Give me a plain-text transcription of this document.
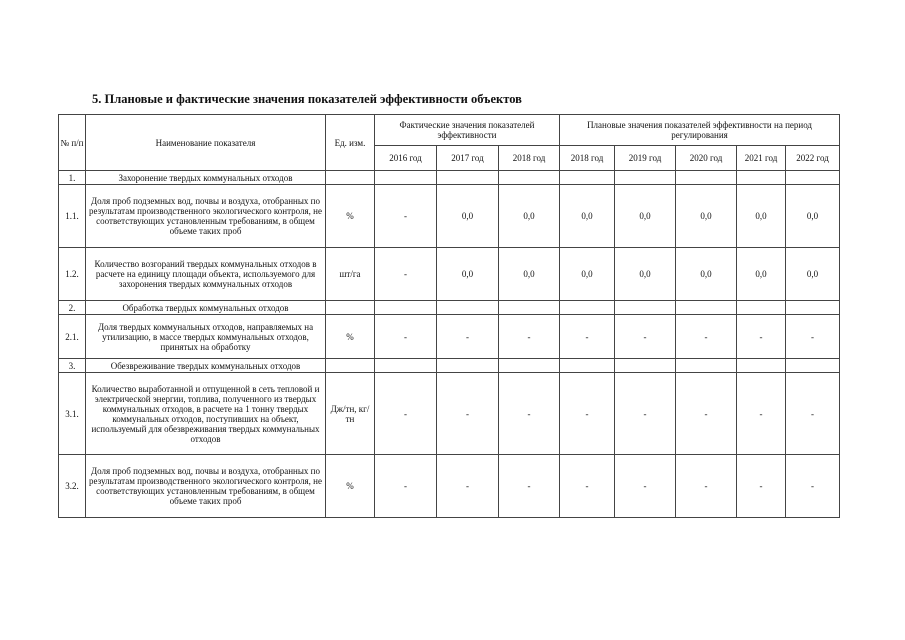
5. Плановые и фактические значения показателей эффективности объектов
№ п/п	Наименование показателя	Ед. изм.	Фактические значения показателей эффективности			Плановые значения показателей эффективности на период регулирования				
			2016 год	2017 год	2018 год	2018 год	2019 год	2020 год	2021 год	2022 год
1.	Захоронение твердых коммунальных отходов									
1.1.	Доля проб подземных вод, почвы и воздуха, отобранных по результатам производственного экологического контроля, не соответствующих установленным требованиям, в общем объеме таких проб	%	-	0,0	0,0	0,0	0,0	0,0	0,0	0,0
1.2.	Количество возгораний твердых коммунальных отходов в расчете на единицу площади объекта, используемого для захоронения твердых коммунальных отходов	шт/га	-	0,0	0,0	0,0	0,0	0,0	0,0	0,0
2.	Обработка твердых коммунальных отходов									
2.1.	Доля твердых коммунальных отходов, направляемых на утилизацию, в массе твердых коммунальных отходов, принятых на обработку	%	-	-	-	-	-	-	-	-
3.	Обезвреживание твердых коммунальных отходов									
3.1.	Количество выработанной и отпущенной в сеть тепловой и электрической энергии, топлива, полученного из твердых коммунальных отходов, в расчете на 1 тонну твердых коммунальных отходов, поступивших на объект, используемый для обезвреживания твердых коммунальных отходов	Дж/тн, кг/тн	-	-	-	-	-	-	-	-
3.2.	Доля проб подземных вод, почвы и воздуха, отобранных по результатам производственного экологического контроля, не соответствующих установленным требованиям, в общем объеме таких проб	%	-	-	-	-	-	-	-	-
